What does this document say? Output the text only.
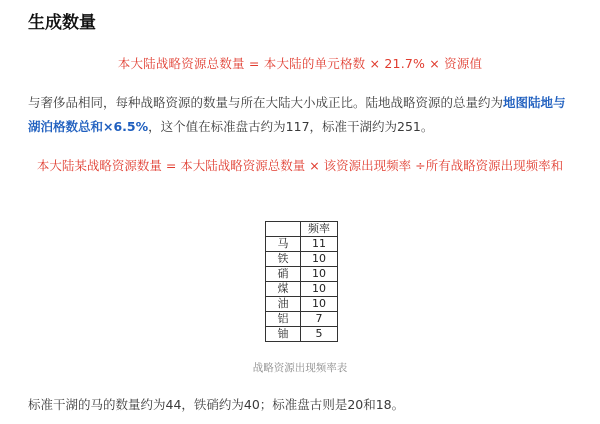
生成数量
本大陆战略资源总数量 = 本大陆的单元格数 × 21.7% × 资源值
与奢侈品相同，每种战略资源的数量与所在大陆大小成正比。陆地战略资源的总量约为地图陆地与湖泊格数总和×6.5%，这个值在标准盘古约为117，标准干湖约为251。
本大陆某战略资源数量 = 本大陆战略资源总数量 × 该资源出现频率 ÷所有战略资源出现频率和
	频率
马	11
铁	10
硝	10
煤	10
油	10
铝	7
铀	5
战略资源出现频率表
标准干湖的马的数量约为44，铁硝约为40；标准盘古则是20和18。
